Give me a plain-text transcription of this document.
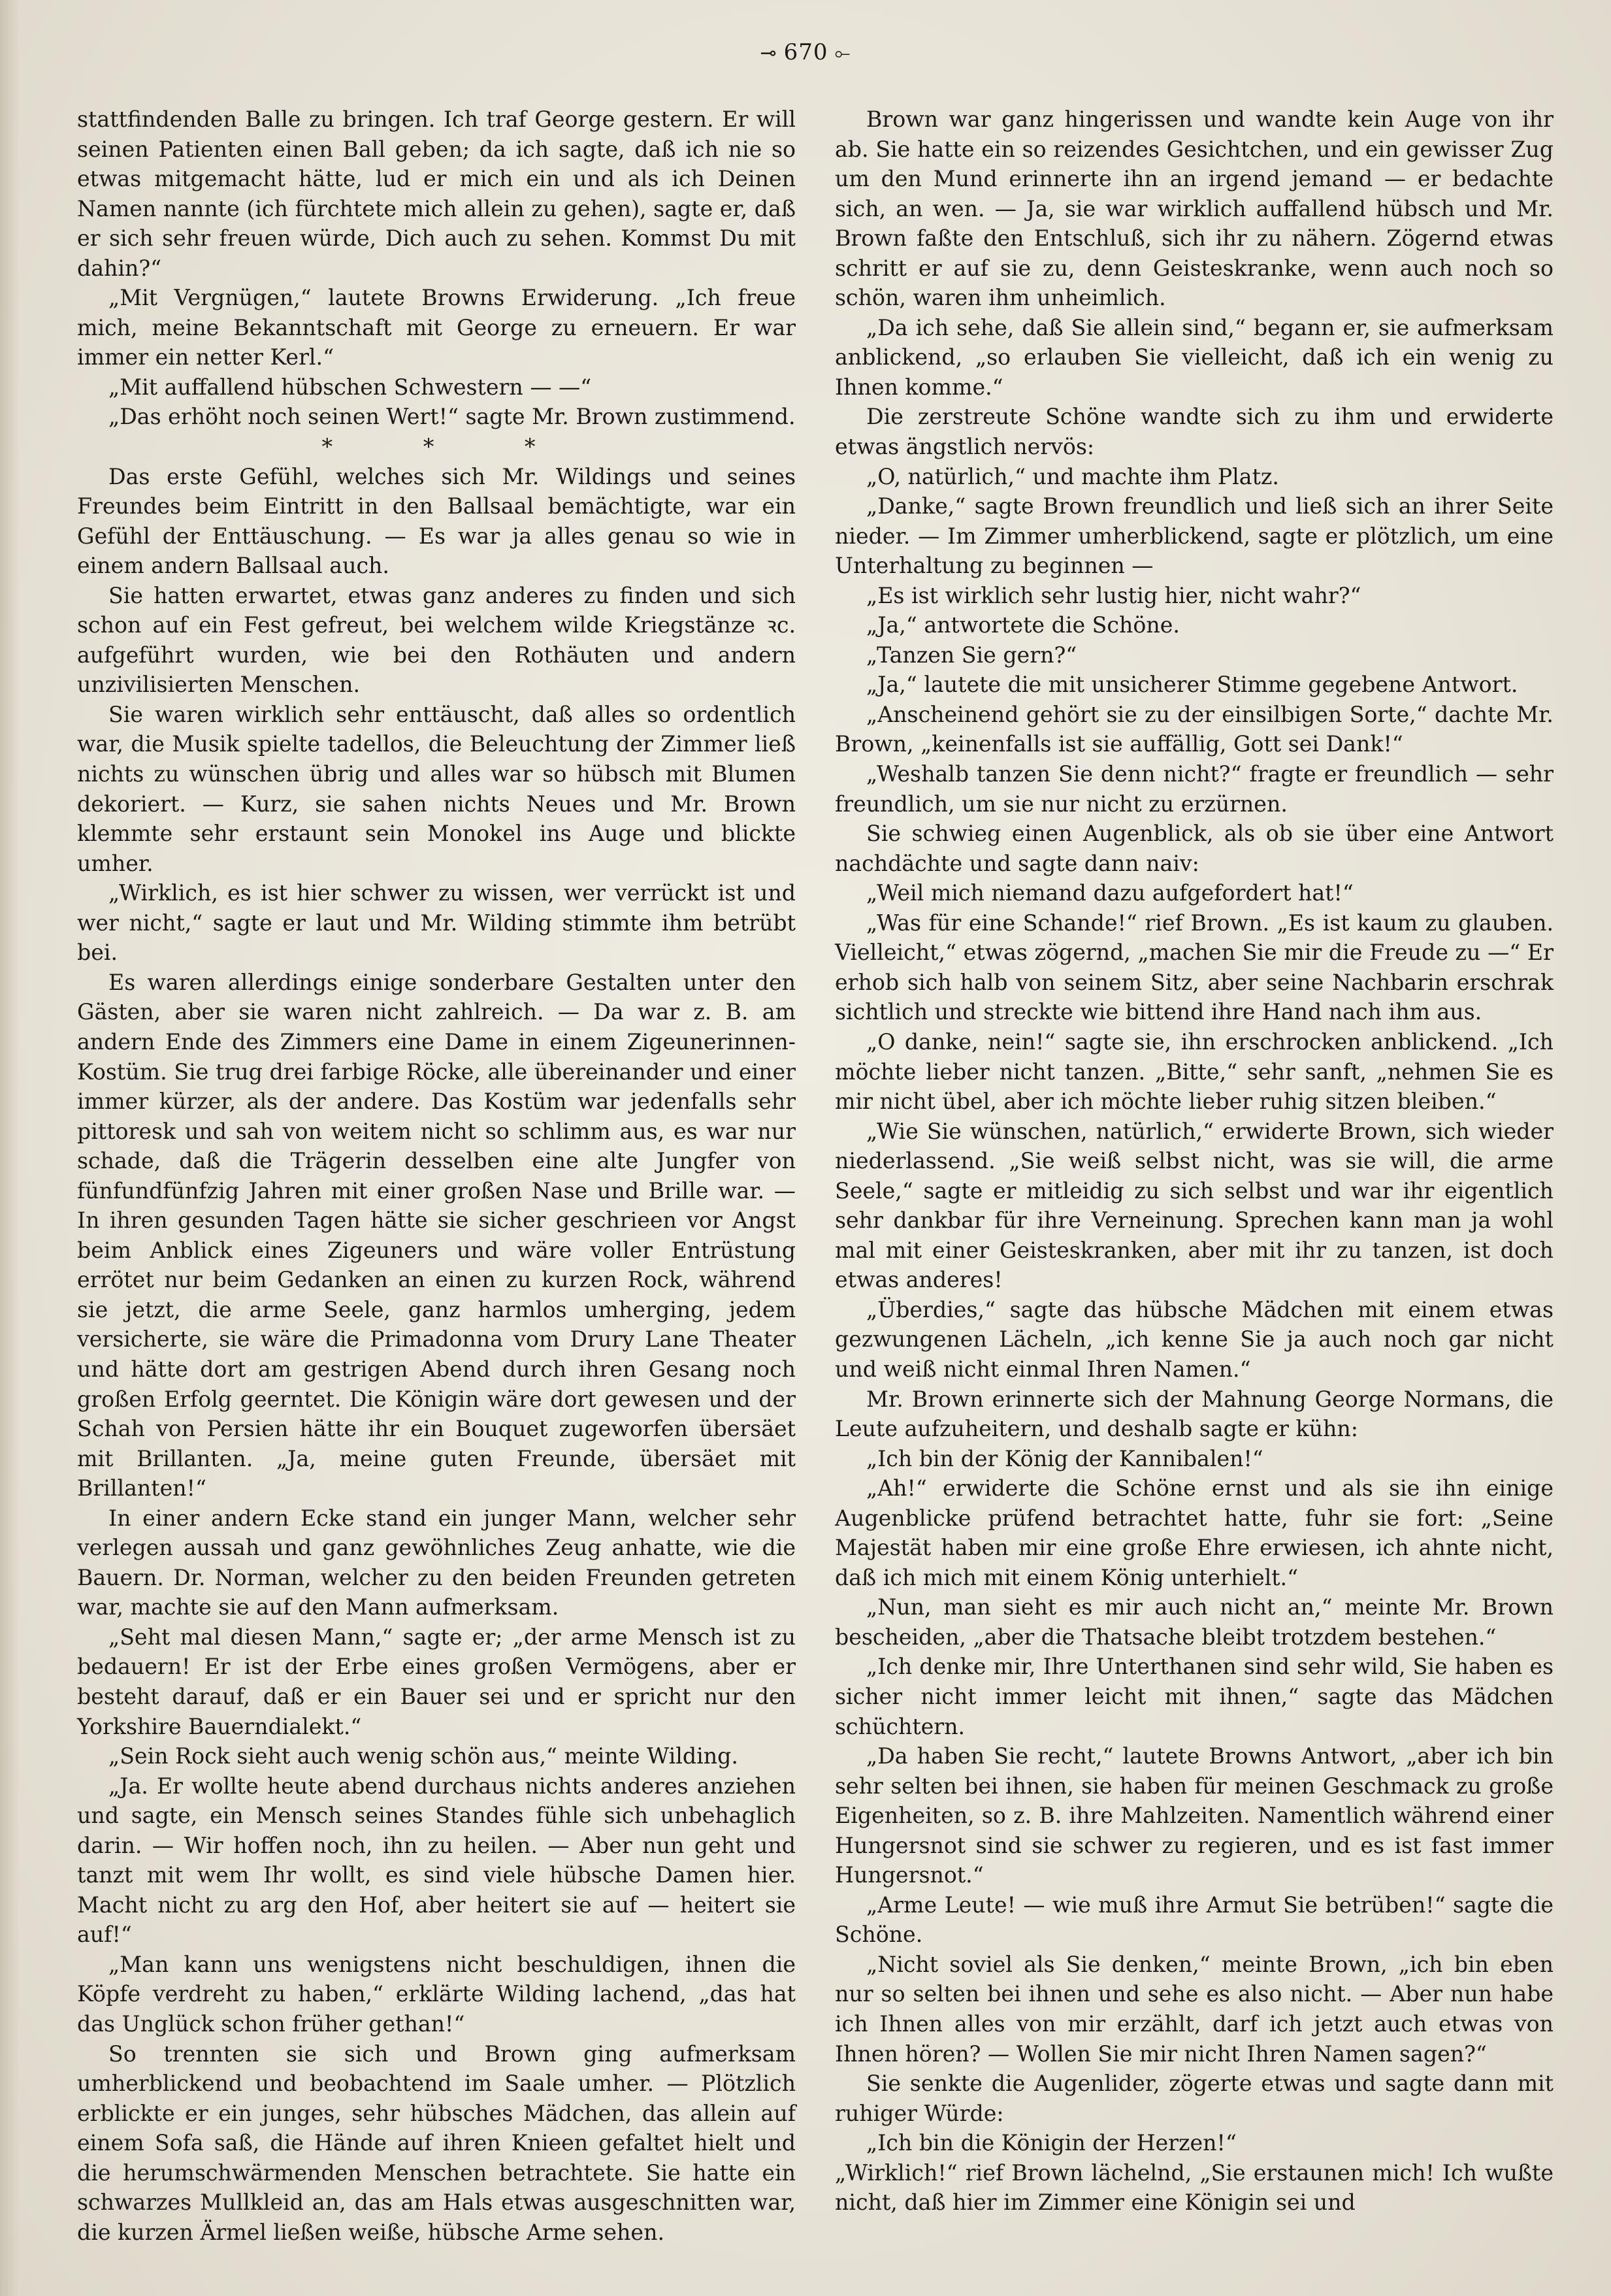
⊸ 670 ⟜

stattfindenden Balle zu bringen. Ich traf George gestern. Er will seinen Patienten einen Ball geben; da ich sagte, daß ich nie so etwas mitgemacht hätte, lud er mich ein und als ich Deinen Namen nannte (ich fürchtete mich allein zu gehen), sagte er, daß er sich sehr freuen würde, Dich auch zu sehen. Kommst Du mit dahin?“

„Mit Vergnügen,“ lautete Browns Erwiderung. „Ich freue mich, meine Bekanntschaft mit George zu erneuern. Er war immer ein netter Kerl.“

„Mit auffallend hübschen Schwestern — —“

„Das erhöht noch seinen Wert!“ sagte Mr. Brown zustimmend.

* * *

Das erste Gefühl, welches sich Mr. Wildings und seines Freundes beim Eintritt in den Ballsaal bemächtigte, war ein Gefühl der Enttäuschung. — Es war ja alles genau so wie in einem andern Ballsaal auch.

Sie hatten erwartet, etwas ganz anderes zu finden und sich schon auf ein Fest gefreut, bei welchem wilde Kriegstänze ꝛc. aufgeführt wurden, wie bei den Rothäuten und andern unzivilisierten Menschen.

Sie waren wirklich sehr enttäuscht, daß alles so ordentlich war, die Musik spielte tadellos, die Beleuchtung der Zimmer ließ nichts zu wünschen übrig und alles war so hübsch mit Blumen dekoriert. — Kurz, sie sahen nichts Neues und Mr. Brown klemmte sehr erstaunt sein Monokel ins Auge und blickte umher.

„Wirklich, es ist hier schwer zu wissen, wer verrückt ist und wer nicht,“ sagte er laut und Mr. Wilding stimmte ihm betrübt bei.

Es waren allerdings einige sonderbare Gestalten unter den Gästen, aber sie waren nicht zahlreich. — Da war z. B. am andern Ende des Zimmers eine Dame in einem Zigeunerinnen-Kostüm. Sie trug drei farbige Röcke, alle übereinander und einer immer kürzer, als der andere. Das Kostüm war jedenfalls sehr pittoresk und sah von weitem nicht so schlimm aus, es war nur schade, daß die Trägerin desselben eine alte Jungfer von fünfundfünfzig Jahren mit einer großen Nase und Brille war. — In ihren gesunden Tagen hätte sie sicher geschrieen vor Angst beim Anblick eines Zigeuners und wäre voller Entrüstung errötet nur beim Gedanken an einen zu kurzen Rock, während sie jetzt, die arme Seele, ganz harmlos umherging, jedem versicherte, sie wäre die Primadonna vom Drury Lane Theater und hätte dort am gestrigen Abend durch ihren Gesang noch großen Erfolg geerntet. Die Königin wäre dort gewesen und der Schah von Persien hätte ihr ein Bouquet zugeworfen übersäet mit Brillanten. „Ja, meine guten Freunde, übersäet mit Brillanten!“

In einer andern Ecke stand ein junger Mann, welcher sehr verlegen aussah und ganz gewöhnliches Zeug anhatte, wie die Bauern. Dr. Norman, welcher zu den beiden Freunden getreten war, machte sie auf den Mann aufmerksam.

„Seht mal diesen Mann,“ sagte er; „der arme Mensch ist zu bedauern! Er ist der Erbe eines großen Vermögens, aber er besteht darauf, daß er ein Bauer sei und er spricht nur den Yorkshire Bauerndialekt.“

„Sein Rock sieht auch wenig schön aus,“ meinte Wilding.

„Ja. Er wollte heute abend durchaus nichts anderes anziehen und sagte, ein Mensch seines Standes fühle sich unbehaglich darin. — Wir hoffen noch, ihn zu heilen. — Aber nun geht und tanzt mit wem Ihr wollt, es sind viele hübsche Damen hier. Macht nicht zu arg den Hof, aber heitert sie auf — heitert sie auf!“

„Man kann uns wenigstens nicht beschuldigen, ihnen die Köpfe verdreht zu haben,“ erklärte Wilding lachend, „das hat das Unglück schon früher gethan!“

So trennten sie sich und Brown ging aufmerksam umherblickend und beobachtend im Saale umher. — Plötzlich erblickte er ein junges, sehr hübsches Mädchen, das allein auf einem Sofa saß, die Hände auf ihren Knieen gefaltet hielt und die herumschwärmenden Menschen betrachtete. Sie hatte ein schwarzes Mullkleid an, das am Hals etwas ausgeschnitten war, die kurzen Ärmel ließen weiße, hübsche Arme sehen.

Brown war ganz hingerissen und wandte kein Auge von ihr ab. Sie hatte ein so reizendes Gesichtchen, und ein gewisser Zug um den Mund erinnerte ihn an irgend jemand — er bedachte sich, an wen. — Ja, sie war wirklich auffallend hübsch und Mr. Brown faßte den Entschluß, sich ihr zu nähern. Zögernd etwas schritt er auf sie zu, denn Geisteskranke, wenn auch noch so schön, waren ihm unheimlich.

„Da ich sehe, daß Sie allein sind,“ begann er, sie aufmerksam anblickend, „so erlauben Sie vielleicht, daß ich ein wenig zu Ihnen komme.“

Die zerstreute Schöne wandte sich zu ihm und erwiderte etwas ängstlich nervös:

„O, natürlich,“ und machte ihm Platz.

„Danke,“ sagte Brown freundlich und ließ sich an ihrer Seite nieder. — Im Zimmer umherblickend, sagte er plötzlich, um eine Unterhaltung zu beginnen —

„Es ist wirklich sehr lustig hier, nicht wahr?“

„Ja,“ antwortete die Schöne.

„Tanzen Sie gern?“

„Ja,“ lautete die mit unsicherer Stimme gegebene Antwort.

„Anscheinend gehört sie zu der einsilbigen Sorte,“ dachte Mr. Brown, „keinenfalls ist sie auffällig, Gott sei Dank!“

„Weshalb tanzen Sie denn nicht?“ fragte er freundlich — sehr freundlich, um sie nur nicht zu erzürnen.

Sie schwieg einen Augenblick, als ob sie über eine Antwort nachdächte und sagte dann naiv:

„Weil mich niemand dazu aufgefordert hat!“

„Was für eine Schande!“ rief Brown. „Es ist kaum zu glauben. Vielleicht,“ etwas zögernd, „machen Sie mir die Freude zu —“ Er erhob sich halb von seinem Sitz, aber seine Nachbarin erschrak sichtlich und streckte wie bittend ihre Hand nach ihm aus.

„O danke, nein!“ sagte sie, ihn erschrocken anblickend. „Ich möchte lieber nicht tanzen. „Bitte,“ sehr sanft, „nehmen Sie es mir nicht übel, aber ich möchte lieber ruhig sitzen bleiben.“

„Wie Sie wünschen, natürlich,“ erwiderte Brown, sich wieder niederlassend. „Sie weiß selbst nicht, was sie will, die arme Seele,“ sagte er mitleidig zu sich selbst und war ihr eigentlich sehr dankbar für ihre Verneinung. Sprechen kann man ja wohl mal mit einer Geisteskranken, aber mit ihr zu tanzen, ist doch etwas anderes!

„Überdies,“ sagte das hübsche Mädchen mit einem etwas gezwungenen Lächeln, „ich kenne Sie ja auch noch gar nicht und weiß nicht einmal Ihren Namen.“

Mr. Brown erinnerte sich der Mahnung George Normans, die Leute aufzuheitern, und deshalb sagte er kühn:

„Ich bin der König der Kannibalen!“

„Ah!“ erwiderte die Schöne ernst und als sie ihn einige Augenblicke prüfend betrachtet hatte, fuhr sie fort: „Seine Majestät haben mir eine große Ehre erwiesen, ich ahnte nicht, daß ich mich mit einem König unterhielt.“

„Nun, man sieht es mir auch nicht an,“ meinte Mr. Brown bescheiden, „aber die Thatsache bleibt trotzdem bestehen.“

„Ich denke mir, Ihre Unterthanen sind sehr wild, Sie haben es sicher nicht immer leicht mit ihnen,“ sagte das Mädchen schüchtern.

„Da haben Sie recht,“ lautete Browns Antwort, „aber ich bin sehr selten bei ihnen, sie haben für meinen Geschmack zu große Eigenheiten, so z. B. ihre Mahlzeiten. Namentlich während einer Hungersnot sind sie schwer zu regieren, und es ist fast immer Hungersnot.“

„Arme Leute! — wie muß ihre Armut Sie betrüben!“ sagte die Schöne.

„Nicht soviel als Sie denken,“ meinte Brown, „ich bin eben nur so selten bei ihnen und sehe es also nicht. — Aber nun habe ich Ihnen alles von mir erzählt, darf ich jetzt auch etwas von Ihnen hören? — Wollen Sie mir nicht Ihren Namen sagen?“

Sie senkte die Augenlider, zögerte etwas und sagte dann mit ruhiger Würde:

„Ich bin die Königin der Herzen!“

„Wirklich!“ rief Brown lächelnd, „Sie erstaunen mich! Ich wußte nicht, daß hier im Zimmer eine Königin sei und
